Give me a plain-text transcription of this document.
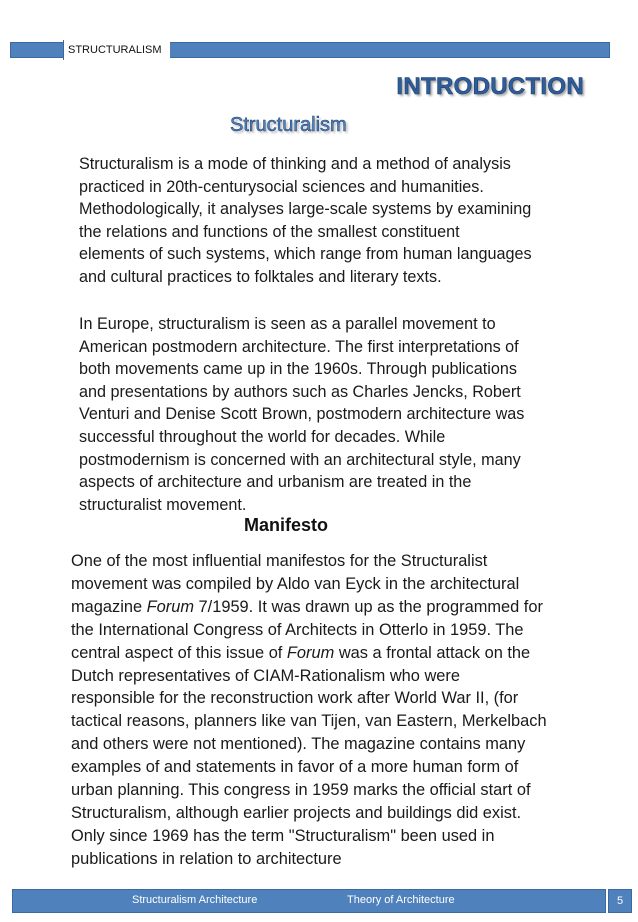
STRUCTURALISM
INTRODUCTION
Structuralism

Structuralism is a mode of thinking and a method of analysis
practiced in 20th-centurysocial sciences and humanities.
Methodologically, it analyses large-scale systems by examining
the relations and functions of the smallest constituent
elements of such systems, which range from human languages
and cultural practices to folktales and literary texts.

In Europe, structuralism is seen as a parallel movement to
American postmodern architecture. The first interpretations of
both movements came up in the 1960s. Through publications
and presentations by authors such as Charles Jencks, Robert
Venturi and Denise Scott Brown, postmodern architecture was
successful throughout the world for decades. While
postmodernism is concerned with an architectural style, many
aspects of architecture and urbanism are treated in the
structuralist movement.

Manifesto

One of the most influential manifestos for the Structuralist
movement was compiled by Aldo van Eyck in the architectural
magazine Forum 7/1959. It was drawn up as the programmed for
the International Congress of Architects in Otterlo in 1959. The
central aspect of this issue of Forum was a frontal attack on the
Dutch representatives of CIAM-Rationalism who were
responsible for the reconstruction work after World War II, (for
tactical reasons, planners like van Tijen, van Eastern, Merkelbach
and others were not mentioned). The magazine contains many
examples of and statements in favor of a more human form of
urban planning. This congress in 1959 marks the official start of
Structuralism, although earlier projects and buildings did exist.
Only since 1969 has the term "Structuralism" been used in
publications in relation to architecture

Structuralism Architecture	Theory of Architecture	5
